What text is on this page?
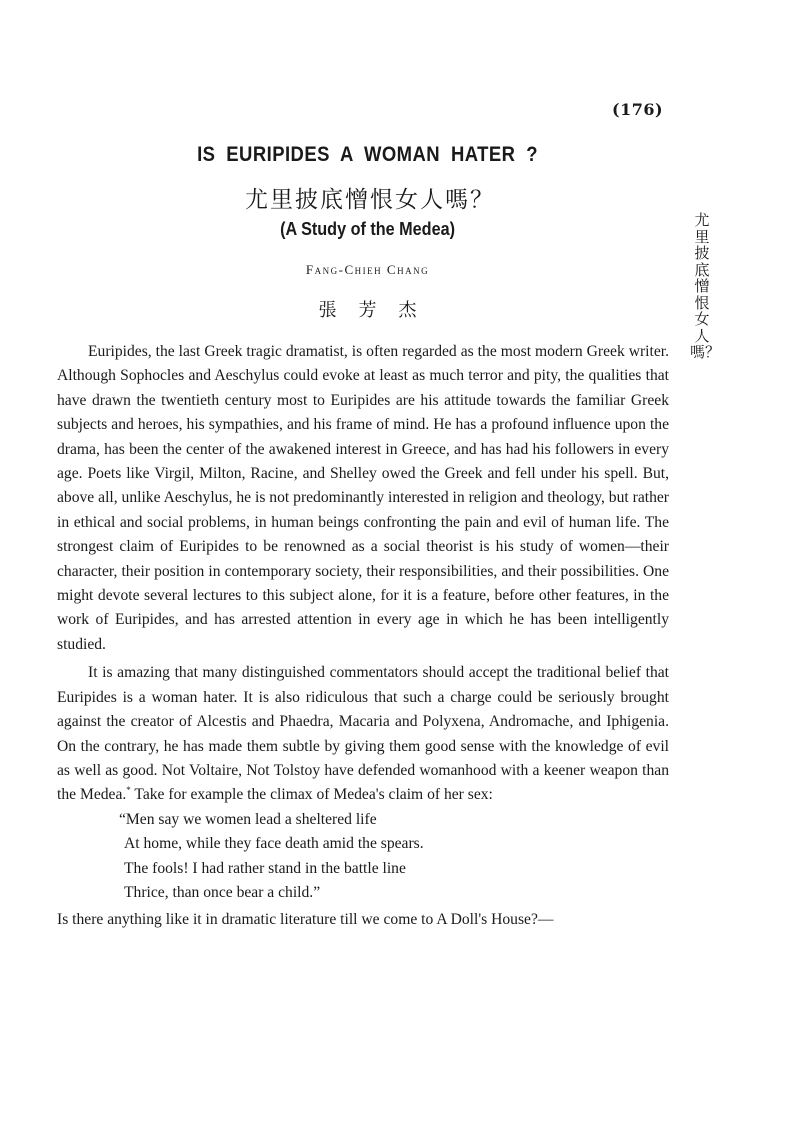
(176)
IS EURIPIDES A WOMAN HATER ?
尤里披底憎恨女人嗎？
(A Study of the Medea)
Fang-Chieh Chang
張芳杰
尤里披底憎恨女人嗎？

Euripides, the last Greek tragic dramatist, is often regarded as the most modern Greek writer. Although Sophocles and Aeschylus could evoke at least as much terror and pity, the qualities that have drawn the twentieth century most to Euripides are his attitude towards the familiar Greek subjects and heroes, his sympathies, and his frame of mind. He has a profound influence upon the drama, has been the center of the awakened interest in Greece, and has had his followers in every age. Poets like Virgil, Milton, Racine, and Shelley owed the Greek and fell under his spell. But, above all, unlike Aeschylus, he is not predominantly interested in religion and theology, but rather in ethical and social problems, in human beings confronting the pain and evil of human life. The strongest claim of Euripides to be renowned as a social theorist is his study of women—their character, their position in contemporary society, their responsibilities, and their possibilities. One might devote several lectures to this subject alone, for it is a feature, before other features, in the work of Euripides, and has arrested attention in every age in which he has been intelligently studied.

It is amazing that many distinguished commentators should accept the traditional belief that Euripides is a woman hater. It is also ridiculous that such a charge could be seriously brought against the creator of Alcestis and Phaedra, Macaria and Polyxena, Andromache, and Iphigenia. On the contrary, he has made them subtle by giving them good sense with the knowledge of evil as well as good. Not Voltaire, Not Tolstoy have defended womanhood with a keener weapon than the Medea.* Take for example the climax of Medea's claim of her sex:

“Men say we women lead a sheltered life
At home, while they face death amid the spears.
The fools! I had rather stand in the battle line
Thrice, than once bear a child.”

Is there anything like it in dramatic literature till we come to A Doll's House?—
